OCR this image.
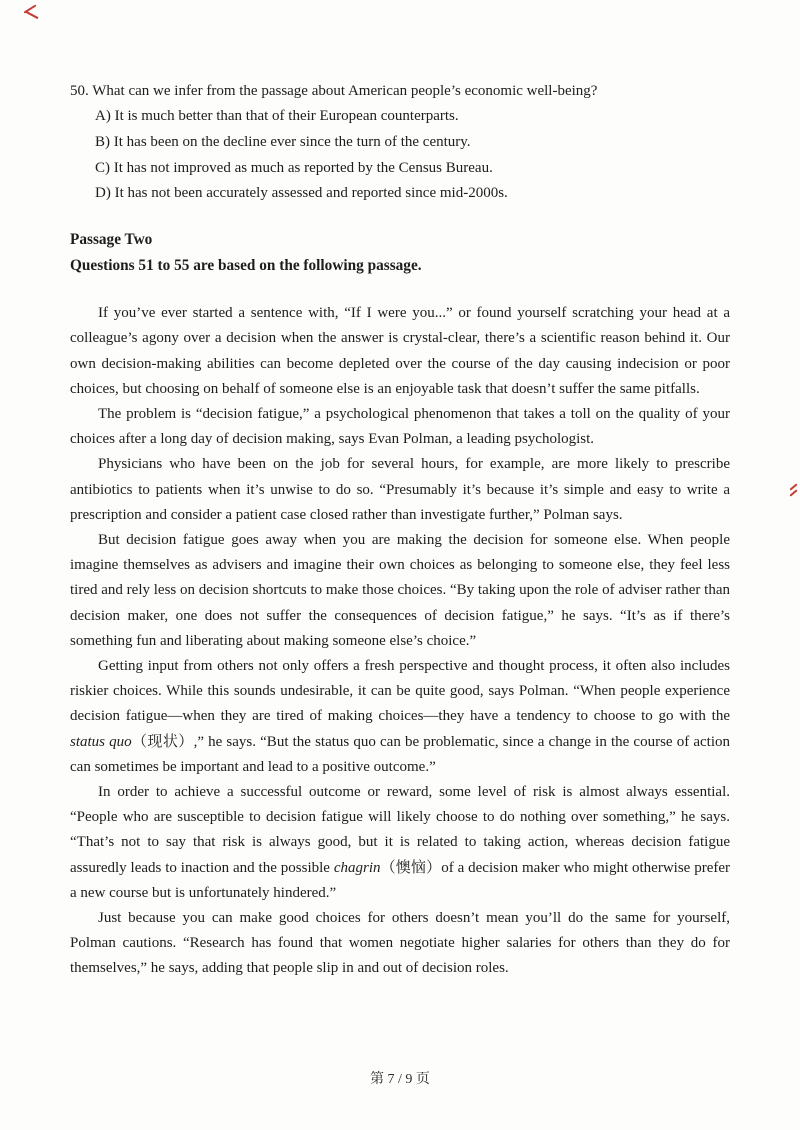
50. What can we infer from the passage about American people’s economic well-being?

A) It is much better than that of their European counterparts.

B) It has been on the decline ever since the turn of the century.

C) It has not improved as much as reported by the Census Bureau.

D) It has not been accurately assessed and reported since mid-2000s.

Passage Two

Questions 51 to 55 are based on the following passage.

If you’ve ever started a sentence with, “If I were you...” or found yourself scratching your head at a colleague’s agony over a decision when the answer is crystal-clear, there’s a scientific reason behind it. Our own decision-making abilities can become depleted over the course of the day causing indecision or poor choices, but choosing on behalf of someone else is an enjoyable task that doesn’t suffer the same pitfalls.

The problem is “decision fatigue,” a psychological phenomenon that takes a toll on the quality of your choices after a long day of decision making, says Evan Polman, a leading psychologist.

Physicians who have been on the job for several hours, for example, are more likely to prescribe antibiotics to patients when it’s unwise to do so. “Presumably it’s because it’s simple and easy to write a prescription and consider a patient case closed rather than investigate further,” Polman says.

But decision fatigue goes away when you are making the decision for someone else. When people imagine themselves as advisers and imagine their own choices as belonging to someone else, they feel less tired and rely less on decision shortcuts to make those choices. “By taking upon the role of adviser rather than decision maker, one does not suffer the consequences of decision fatigue,” he says. “It’s as if there’s something fun and liberating about making someone else’s choice.”

Getting input from others not only offers a fresh perspective and thought process, it often also includes riskier choices. While this sounds undesirable, it can be quite good, says Polman. “When people experience decision fatigue—when they are tired of making choices—they have a tendency to choose to go with the status quo（现状）,” he says. “But the status quo can be problematic, since a change in the course of action can sometimes be important and lead to a positive outcome.”

In order to achieve a successful outcome or reward, some level of risk is almost always essential. “People who are susceptible to decision fatigue will likely choose to do nothing over something,” he says. “That’s not to say that risk is always good, but it is related to taking action, whereas decision fatigue assuredly leads to inaction and the possible chagrin（懊恼）of a decision maker who might otherwise prefer a new course but is unfortunately hindered.”

Just because you can make good choices for others doesn’t mean you’ll do the same for yourself, Polman cautions. “Research has found that women negotiate higher salaries for others than they do for themselves,” he says, adding that people slip in and out of decision roles.

第 7 / 9 页
